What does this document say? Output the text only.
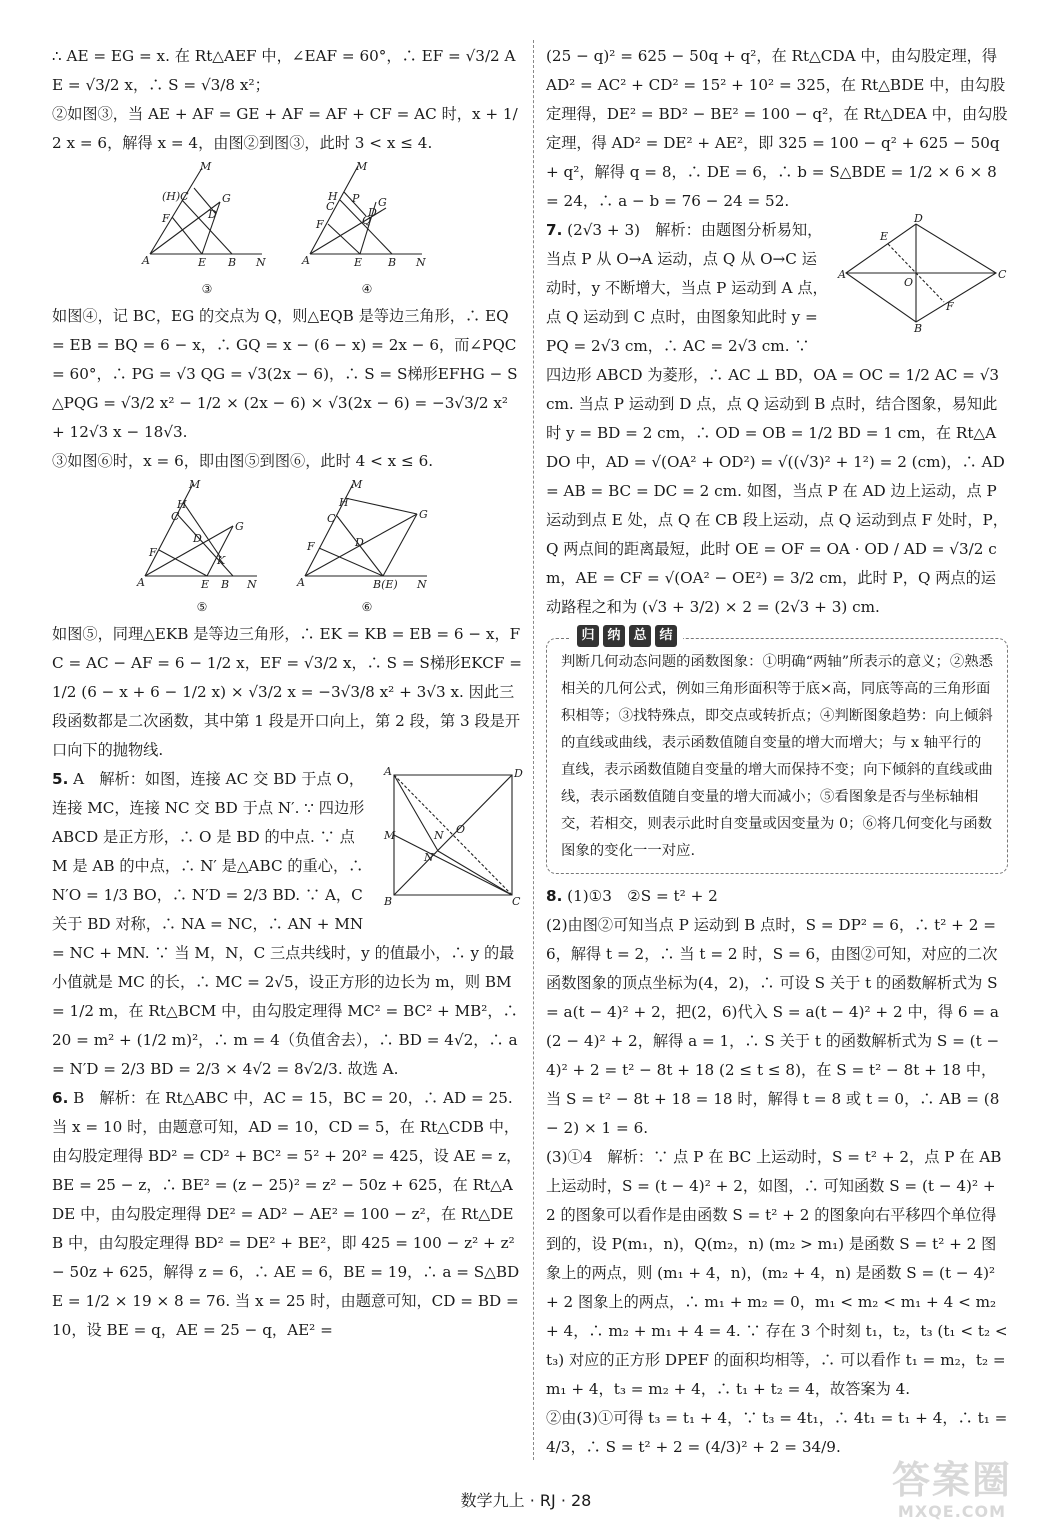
∴ AE = EG = x. 在 Rt△AEF 中，∠EAF = 60°，∴ EF = √3/2 AE = √3/2 x，∴ S = √3/8 x²；

②如图③，当 AE + AF = GE + AF = AF + CF = AC 时，x + 1/2 x = 6，解得 x = 4，由图②到图③，此时 3 < x ≤ 4.

A	E B N
F
(H)C	G
D
M
③
A	E B N
F
H
C
P G
Q
D
M
④

如图④，记 BC，EG 的交点为 Q，则△EQB 是等边三角形，∴ EQ = EB = BQ = 6 − x，∴ GQ = x − (6 − x) = 2x − 6，而∠PQC = 60°，∴ PG = √3 QG = √3(2x − 6)，∴ S = S梯形EFHG − S△PQG = √3/2 x² − 1/2 × (2x − 6) × √3(2x − 6) = −3√3/2 x² + 12√3 x − 18√3.

③如图⑥时，x = 6，即由图⑤到图⑥，此时 4 < x ≤ 6.

A	E B N
F
C
H
G
D
K
M
⑤
A	B(E) N
F
C
H
G
D
M
⑥

如图⑤，同理△EKB 是等边三角形，∴ EK = KB = EB = 6 − x，FC = AC − AF = 6 − 1/2 x，EF = √3/2 x，∴ S = S梯形EKCF = 1/2 (6 − x + 6 − 1/2 x) × √3/2 x = −3√3/8 x² + 3√3 x. 因此三段函数都是二次函数，其中第 1 段是开口向上，第 2 段，第 3 段是开口向下的抛物线.

A	D
B	C
M	O
N
N′

5. A　解析：如图，连接 AC 交 BD 于点 O，连接 MC，连接 NC 交 BD 于点 N′. ∵ 四边形 ABCD 是正方形，∴ O 是 BD 的中点. ∵ 点 M 是 AB 的中点，∴ N′ 是△ABC 的重心，∴ N′O = 1/3 BO，∴ N′D = 2/3 BD. ∵ A，C 关于 BD 对称，∴ NA = NC，∴ AN + MN = NC + MN. ∵ 当 M，N，C 三点共线时，y 的值最小，∴ y 的最小值就是 MC 的长，∴ MC = 2√5，设正方形的边长为 m，则 BM = 1/2 m，在 Rt△BCM 中，由勾股定理得 MC² = BC² + MB²，∴ 20 = m² + (1/2 m)²，∴ m = 4（负值舍去），∴ BD = 4√2，∴ a = N′D = 2/3 BD = 2/3 × 4√2 = 8√2/3. 故选 A.

6. B　解析：在 Rt△ABC 中，AC = 15，BC = 20，∴ AD = 25. 当 x = 10 时，由题意可知，AD = 10，CD = 5，在 Rt△CDB 中，由勾股定理得 BD² = CD² + BC² = 5² + 20² = 425，设 AE = z，BE = 25 − z，∴ BE² = (z − 25)² = z² − 50z + 625，在 Rt△ADE 中，由勾股定理得 DE² = AD² − AE² = 100 − z²，在 Rt△DEB 中，由勾股定理得 BD² = DE² + BE²，即 425 = 100 − z² + z² − 50z + 625，解得 z = 6，∴ AE = 6，BE = 19，∴ a = S△BDE = 1/2 × 19 × 8 = 76. 当 x = 25 时，由题意可知，CD = BD = 10，设 BE = q，AE = 25 − q，AE² =

(25 − q)² = 625 − 50q + q²，在 Rt△CDA 中，由勾股定理，得 AD² = AC² + CD² = 15² + 10² = 325，在 Rt△BDE 中，由勾股定理得，DE² = BD² − BE² = 100 − q²，在 Rt△DEA 中，由勾股定理，得 AD² = DE² + AE²，即 325 = 100 − q² + 625 − 50q + q²，解得 q = 8，∴ DE = 6，∴ b = S△BDE = 1/2 × 6 × 8 = 24，∴ a − b = 76 − 24 = 52.

A
D
C
B
E
F
O

7. (2√3 + 3)　解析：由题图分析易知，当点 P 从 O→A 运动，点 Q 从 O→C 运动时，y 不断增大，当点 P 运动到 A 点，点 Q 运动到 C 点时，由图象知此时 y = PQ = 2√3 cm，∴ AC = 2√3 cm. ∵ 四边形 ABCD 为菱形，∴ AC ⊥ BD，OA = OC = 1/2 AC = √3 cm. 当点 P 运动到 D 点，点 Q 运动到 B 点时，结合图象，易知此时 y = BD = 2 cm，∴ OD = OB = 1/2 BD = 1 cm，在 Rt△ADO 中，AD = √(OA² + OD²) = √((√3)² + 1²) = 2 (cm)，∴ AD = AB = BC = DC = 2 cm. 如图，当点 P 在 AD 边上运动，点 P 运动到点 E 处，点 Q 在 CB 段上运动，点 Q 运动到点 F 处时，P，Q 两点间的距离最短，此时 OE = OF = OA · OD / AD = √3/2 cm，AE = CF = √(OA² − OE²) = 3/2 cm，此时 P，Q 两点的运动路程之和为 (√3 + 3/2) × 2 = (2√3 + 3) cm.

归 纳 总 结

判断几何动态问题的函数图象：①明确“两轴”所表示的意义；②熟悉相关的几何公式，例如三角形面积等于底×高，同底等高的三角形面积相等；③找特殊点，即交点或转折点；④判断图象趋势：向上倾斜的直线或曲线，表示函数值随自变量的增大而增大；与 x 轴平行的直线，表示函数值随自变量的增大而保持不变；向下倾斜的直线或曲线，表示函数值随自变量的增大而减小；⑤看图象是否与坐标轴相交，若相交，则表示此时自变量或因变量为 0；⑥将几何变化与函数图象的变化一一对应.

8. (1)①3　②S = t² + 2

(2)由图②可知当点 P 运动到 B 点时，S = DP² = 6，∴ t² + 2 = 6，解得 t = 2，∴ 当 t = 2 时，S = 6，由图②可知，对应的二次函数图象的顶点坐标为(4，2)，∴ 可设 S 关于 t 的函数解析式为 S = a(t − 4)² + 2，把(2，6)代入 S = a(t − 4)² + 2 中，得 6 = a(2 − 4)² + 2，解得 a = 1，∴ S 关于 t 的函数解析式为 S = (t − 4)² + 2 = t² − 8t + 18 (2 ≤ t ≤ 8)，在 S = t² − 8t + 18 中，当 S = t² − 8t + 18 = 18 时，解得 t = 8 或 t = 0，∴ AB = (8 − 2) × 1 = 6.

(3)①4　解析：∵ 点 P 在 BC 上运动时，S = t² + 2，点 P 在 AB 上运动时，S = (t − 4)² + 2，如图，∴ 可知函数 S = (t − 4)² + 2 的图象可以看作是由函数 S = t² + 2 的图象向右平移四个单位得到的，设 P(m₁，n)，Q(m₂，n) (m₂ > m₁) 是函数 S = t² + 2 图象上的两点，则 (m₁ + 4，n)，(m₂ + 4，n) 是函数 S = (t − 4)² + 2 图象上的两点，∴ m₁ + m₂ = 0，m₁ < m₂ < m₁ + 4 < m₂ + 4，∴ m₂ + m₁ + 4 = 4. ∵ 存在 3 个时刻 t₁，t₂，t₃ (t₁ < t₂ < t₃) 对应的正方形 DPEF 的面积均相等，∴ 可以看作 t₁ = m₂，t₂ = m₁ + 4，t₃ = m₂ + 4，∴ t₁ + t₂ = 4，故答案为 4.

②由(3)①可得 t₃ = t₁ + 4，∵ t₃ = 4t₁，∴ 4t₁ = t₁ + 4，∴ t₁ = 4/3，∴ S = t² + 2 = (4/3)² + 2 = 34/9.

数学九上 · RJ · 28	答案圈
MXQE.COM
